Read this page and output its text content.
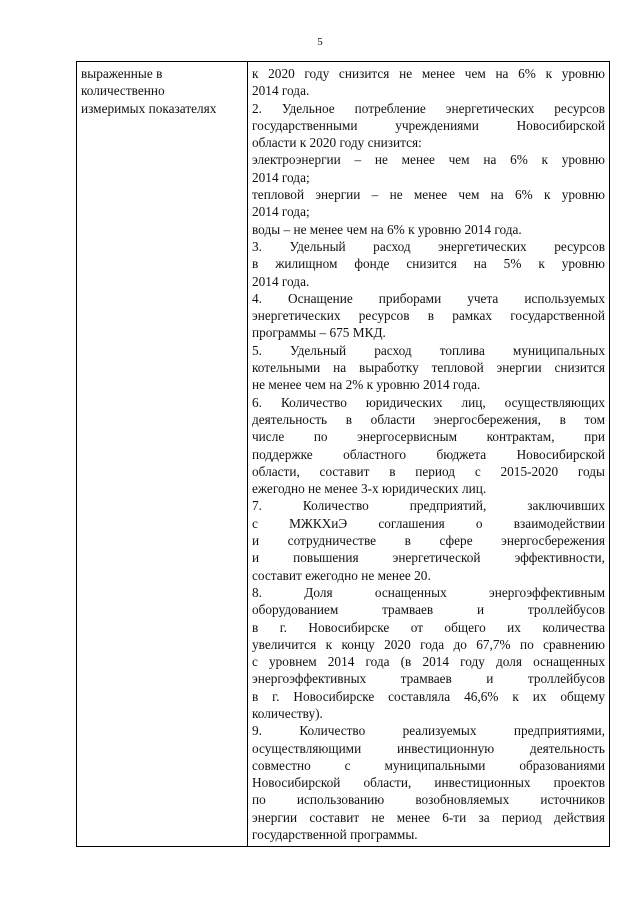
5
выраженные в
количественно
измеримых показателях
к 2020 году снизится не менее чем на 6% к уровню
2014 года.
2. Удельное потребление энергетических ресурсов
государственными учреждениями Новосибирской
области к 2020 году снизится:
электроэнергии – не менее чем на 6% к уровню
2014 года;
тепловой энергии – не менее чем на 6% к уровню
2014 года;
воды – не менее чем на 6% к уровню 2014 года.
3. Удельный расход энергетических ресурсов
в жилищном фонде снизится на 5% к уровню
2014 года.
4. Оснащение приборами учета используемых
энергетических ресурсов в рамках государственной
программы – 675 МКД.
5. Удельный расход топлива муниципальных
котельными на выработку тепловой энергии снизится
не менее чем на 2% к уровню 2014 года.
6. Количество юридических лиц, осуществляющих
деятельность в области энергосбережения, в том
числе по энергосервисным контрактам, при
поддержке областного бюджета Новосибирской
области, составит в период с 2015-2020 годы
ежегодно не менее 3-х юридических лиц.
7. Количество предприятий, заключивших
с МЖКХиЭ соглашения о взаимодействии
и сотрудничестве в сфере энергосбережения
и повышения энергетической эффективности,
составит ежегодно не менее 20.
8. Доля оснащенных энергоэффективным
оборудованием трамваев и троллейбусов
в г. Новосибирске от общего их количества
увеличится к концу 2020 года до 67,7% по сравнению
с уровнем 2014 года (в 2014 году доля оснащенных
энергоэффективных трамваев и троллейбусов
в г. Новосибирске составляла 46,6% к их общему
количеству).
9. Количество реализуемых предприятиями,
осуществляющими инвестиционную деятельность
совместно с муниципальными образованиями
Новосибирской области, инвестиционных проектов
по использованию возобновляемых источников
энергии составит не менее 6-ти за период действия
государственной программы.
